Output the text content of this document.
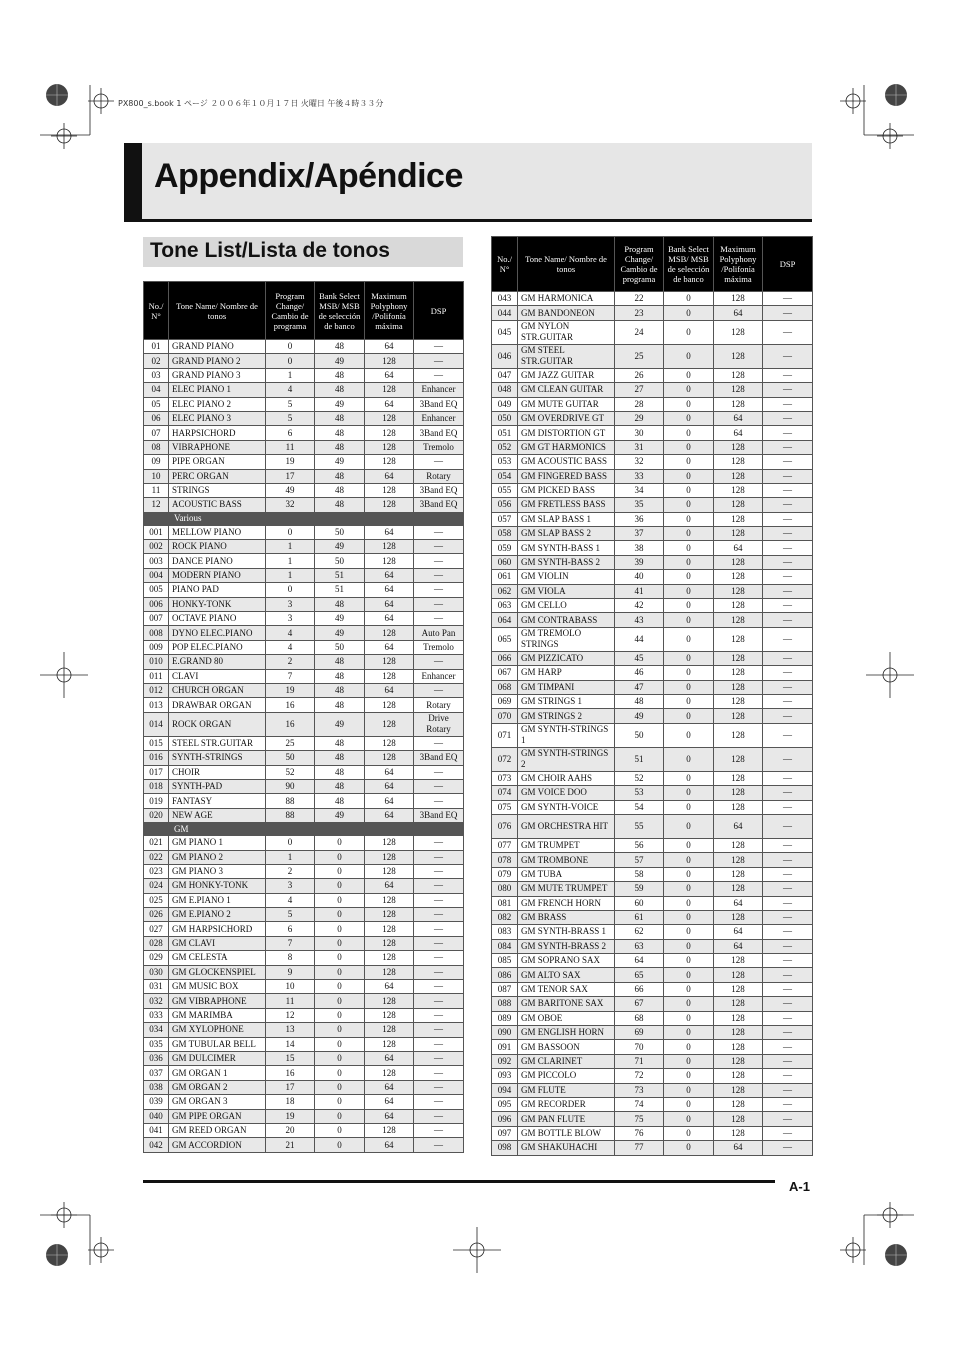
PX800_s.book 1 ページ ２００６年１０月１７日 火曜日 午後４時３３分
Appendix/Apéndice
Tone List/Lista de tonos
No./ N°	Tone Name/ Nombre de tonos	Program Change/ Cambio de programa	Bank Select MSB/ MSB de selección de banco	Maximum Polyphony /Polifonía máxima	DSP
01	GRAND PIANO	0	48	64	—
02	GRAND PIANO 2	0	49	128	—
03	GRAND PIANO 3	1	48	64	—
04	ELEC PIANO 1	4	48	128	Enhancer
05	ELEC PIANO 2	5	49	64	3Band EQ
06	ELEC PIANO 3	5	48	128	Enhancer
07	HARPSICHORD	6	48	128	3Band EQ
08	VIBRAPHONE	11	48	128	Tremolo
09	PIPE ORGAN	19	49	128	—
10	PERC ORGAN	17	48	64	Rotary
11	STRINGS	49	48	128	3Band EQ
12	ACOUSTIC BASS	32	48	128	3Band EQ
Various					
001	MELLOW PIANO	0	50	64	—
002	ROCK PIANO	1	49	128	—
003	DANCE PIANO	1	50	128	—
004	MODERN PIANO	1	51	64	—
005	PIANO PAD	0	51	64	—
006	HONKY-TONK	3	48	64	—
007	OCTAVE PIANO	3	49	64	—
008	DYNO ELEC.PIANO	4	49	128	Auto Pan
009	POP ELEC.PIANO	4	50	64	Tremolo
010	E.GRAND 80	2	48	128	—
011	CLAVI	7	48	128	Enhancer
012	CHURCH ORGAN	19	48	64	—
013	DRAWBAR ORGAN	16	48	128	Rotary
014	ROCK ORGAN	16	49	128	Drive Rotary
015	STEEL STR.GUITAR	25	48	128	—
016	SYNTH-STRINGS	50	48	128	3Band EQ
017	CHOIR	52	48	64	—
018	SYNTH-PAD	90	48	64	—
019	FANTASY	88	48	64	—
020	NEW AGE	88	49	64	3Band EQ
GM					
021	GM PIANO 1	0	0	128	—
022	GM PIANO 2	1	0	128	—
023	GM PIANO 3	2	0	128	—
024	GM HONKY-TONK	3	0	64	—
025	GM E.PIANO 1	4	0	128	—
026	GM E.PIANO 2	5	0	128	—
027	GM HARPSICHORD	6	0	128	—
028	GM CLAVI	7	0	128	—
029	GM CELESTA	8	0	128	—
030	GM GLOCKENSPIEL	9	0	128	—
031	GM MUSIC BOX	10	0	64	—
032	GM VIBRAPHONE	11	0	128	—
033	GM MARIMBA	12	0	128	—
034	GM XYLOPHONE	13	0	128	—
035	GM TUBULAR BELL	14	0	128	—
036	GM DULCIMER	15	0	64	—
037	GM ORGAN 1	16	0	128	—
038	GM ORGAN 2	17	0	64	—
039	GM ORGAN 3	18	0	64	—
040	GM PIPE ORGAN	19	0	64	—
041	GM REED ORGAN	20	0	128	—
042	GM ACCORDION	21	0	64	—
No./ N°	Tone Name/ Nombre de tonos	Program Change/ Cambio de programa	Bank Select MSB/ MSB de selección de banco	Maximum Polyphony /Polifonía máxima	DSP
043	GM HARMONICA	22	0	128	—
044	GM BANDONEON	23	0	64	—
045	GM NYLON STR.GUITAR	24	0	128	—
046	GM STEEL STR.GUITAR	25	0	128	—
047	GM JAZZ GUITAR	26	0	128	—
048	GM CLEAN GUITAR	27	0	128	—
049	GM MUTE GUITAR	28	0	128	—
050	GM OVERDRIVE GT	29	0	64	—
051	GM DISTORTION GT	30	0	64	—
052	GM GT HARMONICS	31	0	128	—
053	GM ACOUSTIC BASS	32	0	128	—
054	GM FINGERED BASS	33	0	128	—
055	GM PICKED BASS	34	0	128	—
056	GM FRETLESS BASS	35	0	128	—
057	GM SLAP BASS 1	36	0	128	—
058	GM SLAP BASS 2	37	0	128	—
059	GM SYNTH-BASS 1	38	0	64	—
060	GM SYNTH-BASS 2	39	0	128	—
061	GM VIOLIN	40	0	128	—
062	GM VIOLA	41	0	128	—
063	GM CELLO	42	0	128	—
064	GM CONTRABASS	43	0	128	—
065	GM TREMOLO STRINGS	44	0	128	—
066	GM PIZZICATO	45	0	128	—
067	GM HARP	46	0	128	—
068	GM TIMPANI	47	0	128	—
069	GM STRINGS 1	48	0	128	—
070	GM STRINGS 2	49	0	128	—
071	GM SYNTH-STRINGS 1	50	0	128	—
072	GM SYNTH-STRINGS 2	51	0	128	—
073	GM CHOIR AAHS	52	0	128	—
074	GM VOICE DOO	53	0	128	—
075	GM SYNTH-VOICE	54	0	128	—
076	GM ORCHESTRA HIT	55	0	64	—
077	GM TRUMPET	56	0	128	—
078	GM TROMBONE	57	0	128	—
079	GM TUBA	58	0	128	—
080	GM MUTE TRUMPET	59	0	128	—
081	GM FRENCH HORN	60	0	64	—
082	GM BRASS	61	0	128	—
083	GM SYNTH-BRASS 1	62	0	64	—
084	GM SYNTH-BRASS 2	63	0	64	—
085	GM SOPRANO SAX	64	0	128	—
086	GM ALTO SAX	65	0	128	—
087	GM TENOR SAX	66	0	128	—
088	GM BARITONE SAX	67	0	128	—
089	GM OBOE	68	0	128	—
090	GM ENGLISH HORN	69	0	128	—
091	GM BASSOON	70	0	128	—
092	GM CLARINET	71	0	128	—
093	GM PICCOLO	72	0	128	—
094	GM FLUTE	73	0	128	—
095	GM RECORDER	74	0	128	—
096	GM PAN FLUTE	75	0	128	—
097	GM BOTTLE BLOW	76	0	128	—
098	GM SHAKUHACHI	77	0	64	—
A-1
